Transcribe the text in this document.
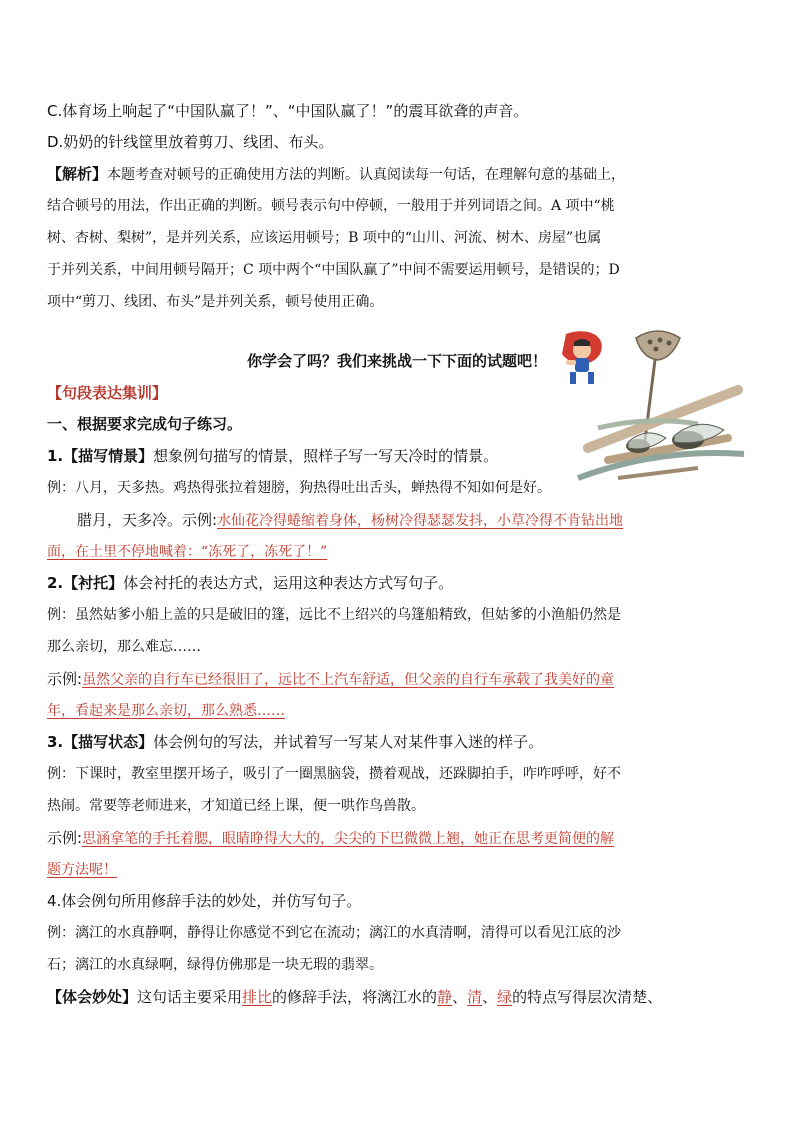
C.体育场上响起了“中国队赢了！”、“中国队赢了！”的震耳欲聋的声音。
D.奶奶的针线筐里放着剪刀、线团、布头。
【解析】本题考查对顿号的正确使用方法的判断。认真阅读每一句话，在理解句意的基础上，
结合顿号的用法，作出正确的判断。顿号表示句中停顿，一般用于并列词语之间。A 项中“桃
树、杏树、梨树”，是并列关系，应该运用顿号；B 项中的“山川、河流、树木、房屋”也属
于并列关系，中间用顿号隔开；C 项中两个“中国队赢了”中间不需要运用顿号，是错误的；D
项中“剪刀、线团、布头”是并列关系，顿号使用正确。
你学会了吗？我们来挑战一下下面的试题吧！
【句段表达集训】
一、根据要求完成句子练习。
1.【描写情景】想象例句描写的情景，照样子写一写天冷时的情景。
例：八月，天多热。鸡热得张拉着翅膀，狗热得吐出舌头，蝉热得不知如何是好。
腊月，天多冷。示例:水仙花冷得蜷缩着身体，杨树冷得瑟瑟发抖，小草冷得不肯钻出地
面，在土里不停地喊着：“冻死了，冻死了！”
2.【衬托】体会衬托的表达方式，运用这种表达方式写句子。
例：虽然姑爹小船上盖的只是破旧的篷，远比不上绍兴的乌篷船精致，但姑爹的小渔船仍然是
那么亲切，那么难忘……
示例:虽然父亲的自行车已经很旧了，远比不上汽车舒适，但父亲的自行车承载了我美好的童
年，看起来是那么亲切，那么熟悉……
3.【描写状态】体会例句的写法，并试着写一写某人对某件事入迷的样子。
例：下课时，教室里摆开场子，吸引了一圈黑脑袋，攒着观战，还跺脚拍手，咋咋呼呼，好不
热闹。常要等老师进来，才知道已经上课，便一哄作鸟兽散。
示例:思涵拿笔的手托着腮，眼睛睁得大大的，尖尖的下巴微微上翘，她正在思考更简便的解
题方法呢！
4.体会例句所用修辞手法的妙处，并仿写句子。
例：漓江的水真静啊，静得让你感觉不到它在流动；漓江的水真清啊，清得可以看见江底的沙
石；漓江的水真绿啊，绿得仿佛那是一块无瑕的翡翠。
【体会妙处】这句话主要采用排比的修辞手法，将漓江水的静、清、绿的特点写得层次清楚、
